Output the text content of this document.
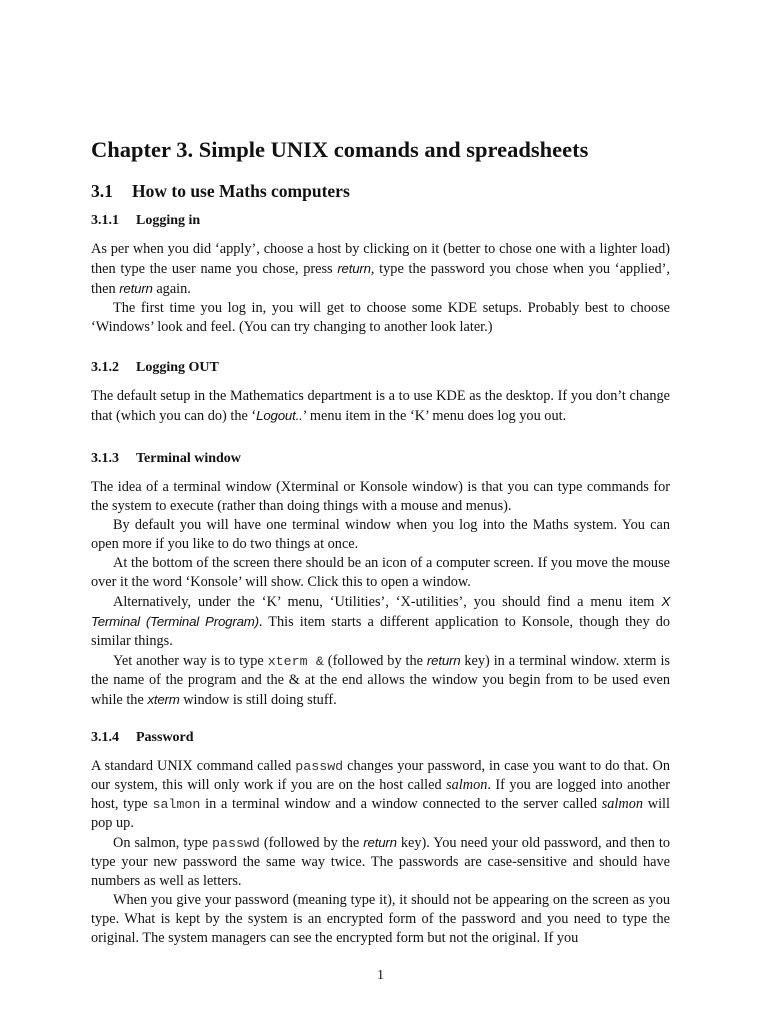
Chapter 3. Simple UNIX comands and spreadsheets
3.1 How to use Maths computers
3.1.1 Logging in

As per when you did ‘apply’, choose a host by clicking on it (better to chose one with a lighter load) then type the user name you chose, press return, type the password you chose when you ‘applied’, then return again.

The first time you log in, you will get to choose some KDE setups. Probably best to choose ‘Windows’ look and feel. (You can try changing to another look later.)

3.1.2 Logging OUT

The default setup in the Mathematics department is a to use KDE as the desktop. If you don’t change that (which you can do) the ‘Logout..’ menu item in the ‘K’ menu does log you out.

3.1.3 Terminal window

The idea of a terminal window (Xterminal or Konsole window) is that you can type commands for the system to execute (rather than doing things with a mouse and menus).

By default you will have one terminal window when you log into the Maths system. You can open more if you like to do two things at once.

At the bottom of the screen there should be an icon of a computer screen. If you move the mouse over it the word ‘Konsole’ will show. Click this to open a window.

Alternatively, under the ‘K’ menu, ‘Utilities’, ‘X-utilities’, you should find a menu item X Terminal (Terminal Program). This item starts a different application to Konsole, though they do similar things.

Yet another way is to type xterm & (followed by the return key) in a terminal window. xterm is the name of the program and the & at the end allows the window you begin from to be used even while the xterm window is still doing stuff.

3.1.4 Password

A standard UNIX command called passwd changes your password, in case you want to do that. On our system, this will only work if you are on the host called salmon. If you are logged into another host, type salmon in a terminal window and a window connected to the server called salmon will pop up.

On salmon, type passwd (followed by the return key). You need your old password, and then to type your new password the same way twice. The passwords are case-sensitive and should have numbers as well as letters.

When you give your password (meaning type it), it should not be appearing on the screen as you type. What is kept by the system is an encrypted form of the password and you need to type the original. The system managers can see the encrypted form but not the original. If you

1
